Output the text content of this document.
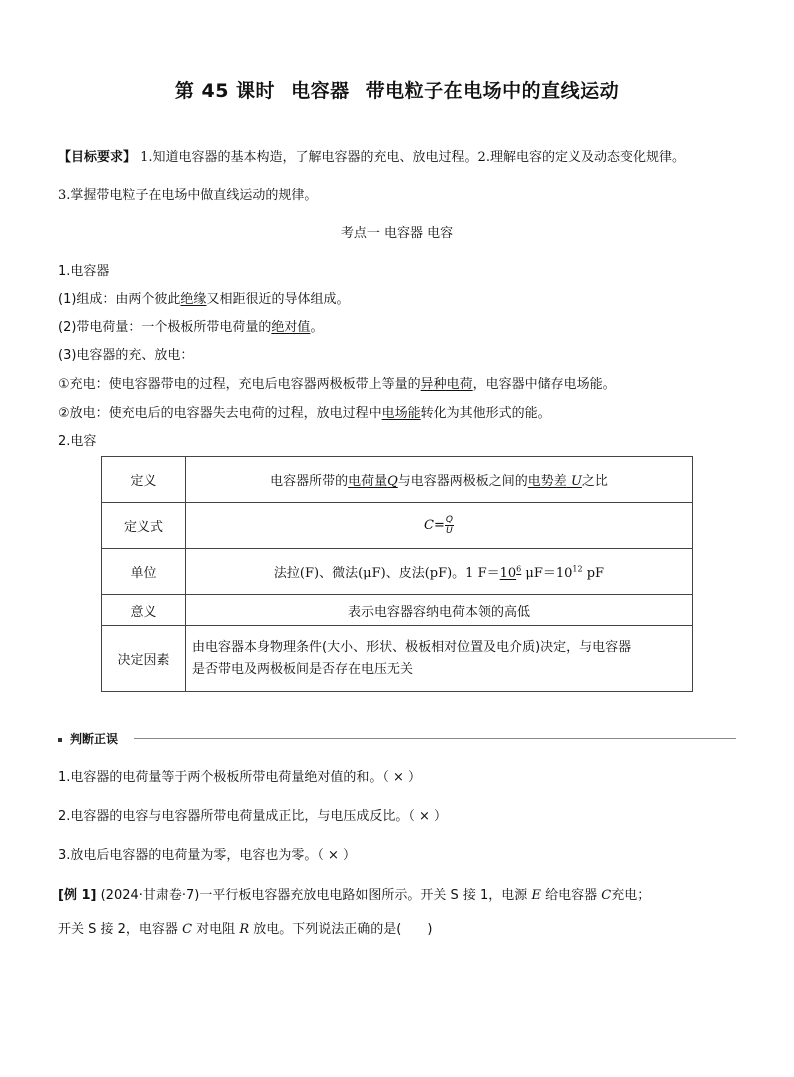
第 45 课时 电容器 带电粒子在电场中的直线运动
【目标要求】 1.知道电容器的基本构造，了解电容器的充电、放电过程。2.理解电容的定义及动态变化规律。
3.掌握带电粒子在电场中做直线运动的规律。
考点一 电容器 电容
1.电容器
(1)组成：由两个彼此绝缘又相距很近的导体组成。
(2)带电荷量：一个极板所带电荷量的绝对值。
(3)电容器的充、放电：
①充电：使电容器带电的过程，充电后电容器两极板带上等量的异种电荷，电容器中储存电场能。
②放电：使充电后的电容器失去电荷的过程，放电过程中电场能转化为其他形式的能。
2.电容
定义	电容器所带的电荷量Q与电容器两极板之间的电势差 U之比
定义式	$C= \frac{Q}{U}$

单位	法拉(F)、微法(μF)、皮法(pF)。1 $F=10^6$ $\mu F=10^{12}$ pF
意义	表示电容器容纳电荷本领的高低
决定因素	由电容器本身物理条件(大小、形状、极板相对位置及电介质)决定，与电容器
是否带电及两极板间是否存在电压无关
判断正误
1.电容器的电荷量等于两个极板所带电荷量绝对值的和。（ × ）
2.电容器的电容与电容器所带电荷量成正比，与电压成反比。（ × ）
3.放电后电容器的电荷量为零，电容也为零。（ × ）
[例 1] (2024·甘肃卷·7)一平行板电容器充放电电路如图所示。开关 S 接 1，电源 E 给电容器 C充电；
开关 S 接 2，电容器 C 对电阻 R 放电。下列说法正确的是(　　)
